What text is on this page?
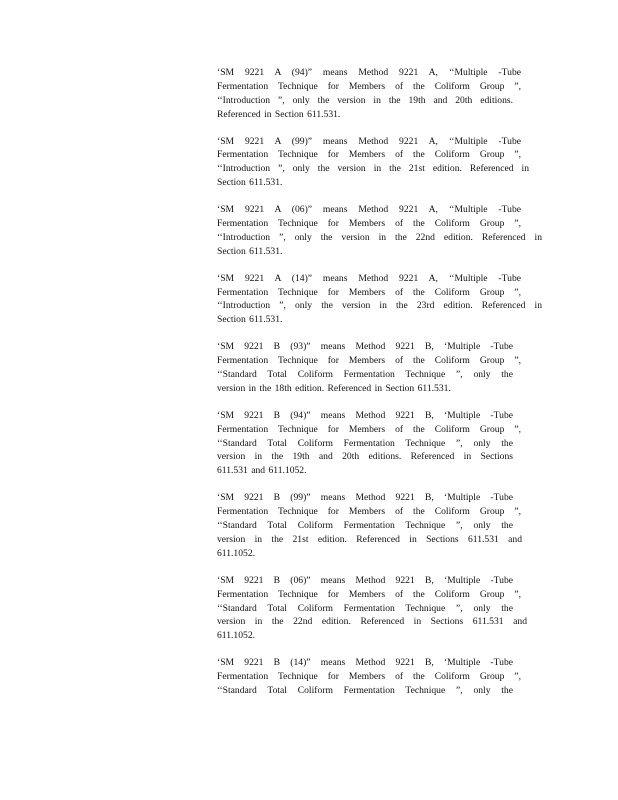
‘SM 9221 A (94)” means Method 9221 A, ‘‘Multiple -Tube
Fermentation Technique for Members of the Coliform Group ”,
‘‘Introduction ”, only the version in the 19th and 20th editions.
Referenced in Section 611.531.
‘SM 9221 A (99)” means Method 9221 A, ‘‘Multiple -Tube
Fermentation Technique for Members of the Coliform Group ”,
‘‘Introduction ”, only the version in the 21st edition. Referenced in
Section 611.531.
‘SM 9221 A (06)” means Method 9221 A, ‘‘Multiple -Tube
Fermentation Technique for Members of the Coliform Group ”,
‘‘Introduction ”, only the version in the 22nd edition. Referenced in
Section 611.531.
‘SM 9221 A (14)” means Method 9221 A, ‘‘Multiple -Tube
Fermentation Technique for Members of the Coliform Group ”,
‘‘Introduction ”, only the version in the 23rd edition. Referenced in
Section 611.531.
‘SM 9221 B (93)” means Method 9221 B, ‘Multiple -Tube
Fermentation Technique for Members of the Coliform Group ”,
‘‘Standard Total Coliform Fermentation Technique ”, only the
version in the 18th edition. Referenced in Section 611.531.
‘SM 9221 B (94)” means Method 9221 B, ‘Multiple -Tube
Fermentation Technique for Members of the Coliform Group ”,
‘‘Standard Total Coliform Fermentation Technique ”, only the
version in the 19th and 20th editions. Referenced in Sections
611.531 and 611.1052.
‘SM 9221 B (99)” means Method 9221 B, ‘Multiple -Tube
Fermentation Technique for Members of the Coliform Group ”,
‘‘Standard Total Coliform Fermentation Technique ”, only the
version in the 21st edition. Referenced in Sections 611.531 and
611.1052.
‘SM 9221 B (06)” means Method 9221 B, ‘Multiple -Tube
Fermentation Technique for Members of the Coliform Group ”,
‘‘Standard Total Coliform Fermentation Technique ”, only the
version in the 22nd edition. Referenced in Sections 611.531 and
611.1052.
‘SM 9221 B (14)” means Method 9221 B, ‘Multiple -Tube
Fermentation Technique for Members of the Coliform Group ”,
‘‘Standard Total Coliform Fermentation Technique ”, only the
